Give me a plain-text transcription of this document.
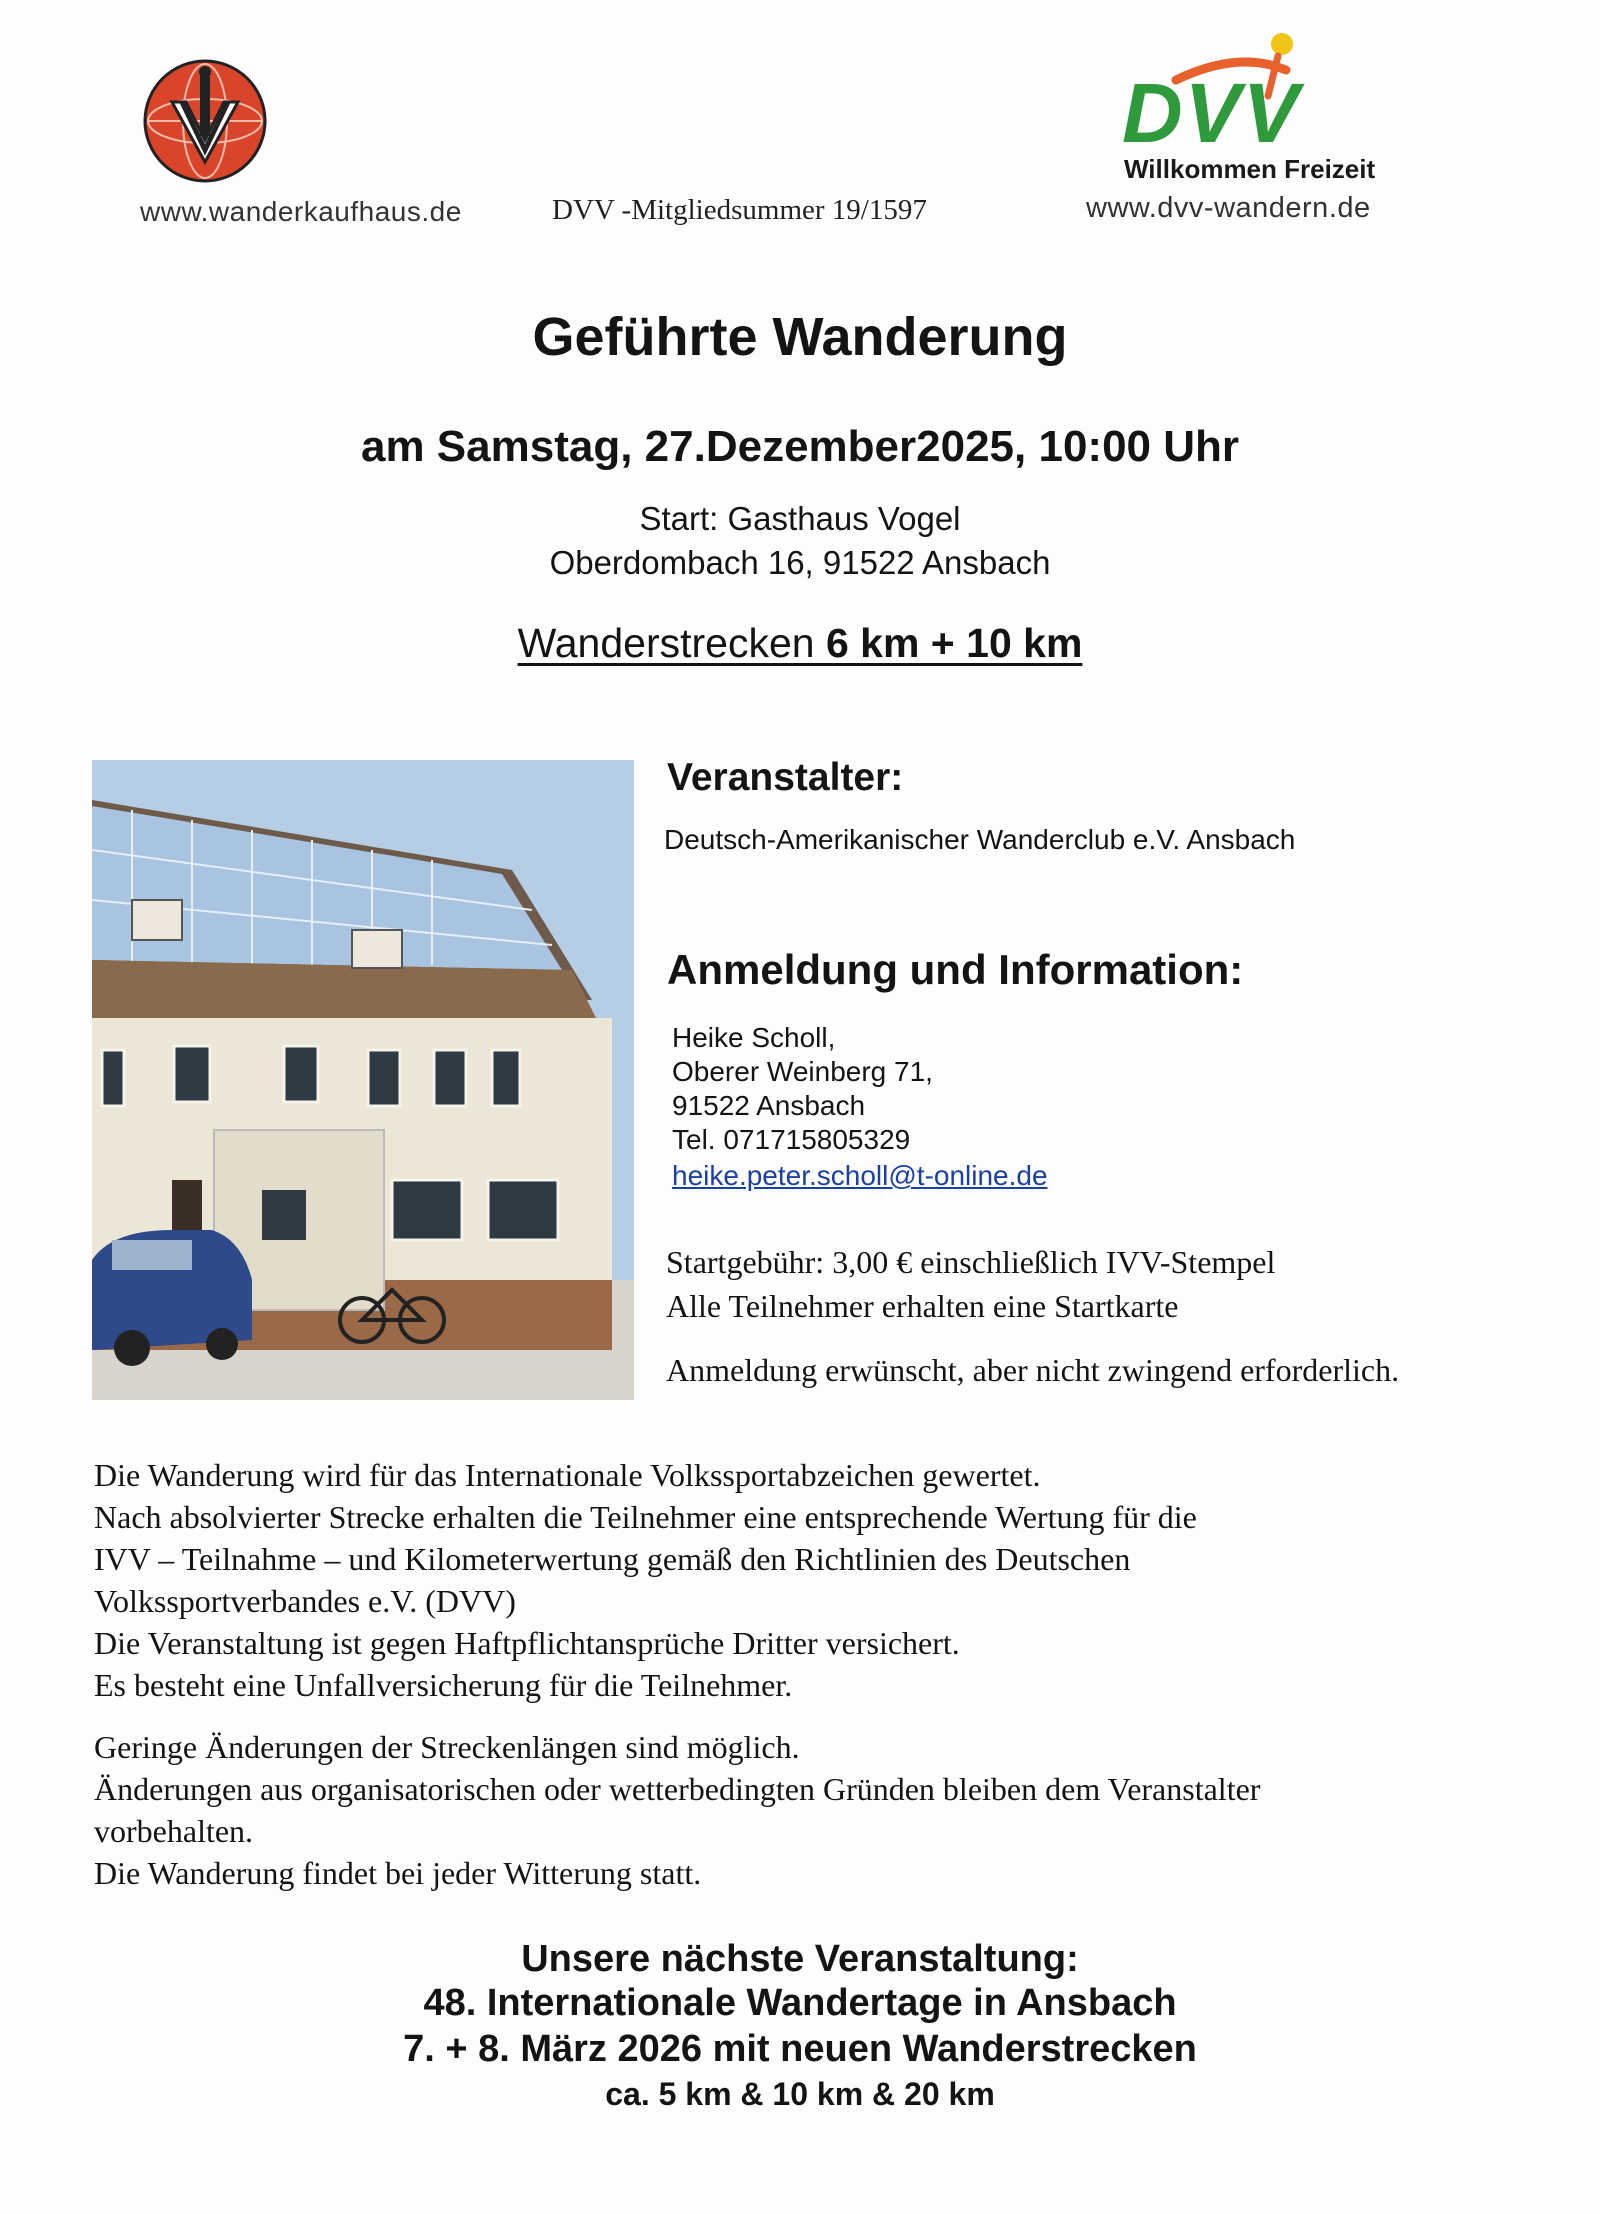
IVV
DVV
Willkommen Freizeit
www.wanderkaufhaus.de	DVV -Mitgliedsummer 19/1597	www.dvv-wandern.de
Geführte Wanderung
am Samstag, 27.Dezember2025, 10:00 Uhr
Start: Gasthaus Vogel
Oberdombach 16, 91522 Ansbach
Wanderstrecken 6 km + 10 km
Veranstalter:
Deutsch-Amerikanischer Wanderclub e.V. Ansbach
Anmeldung und Information:
Heike Scholl,
Oberer Weinberg 71,
91522 Ansbach
Tel. 071715805329
heike.peter.scholl@t-online.de
Startgebühr: 3,00 € einschließlich IVV-Stempel
Alle Teilnehmer erhalten eine Startkarte
Anmeldung erwünscht, aber nicht zwingend erforderlich.
Die Wanderung wird für das Internationale Volkssportabzeichen gewertet.
Nach absolvierter Strecke erhalten die Teilnehmer eine entsprechende Wertung für die
IVV – Teilnahme – und Kilometerwertung gemäß den Richtlinien des Deutschen
Volkssportverbandes e.V. (DVV)
Die Veranstaltung ist gegen Haftpflichtansprüche Dritter versichert.
Es besteht eine Unfallversicherung für die Teilnehmer.
Geringe Änderungen der Streckenlängen sind möglich.
Änderungen aus organisatorischen oder wetterbedingten Gründen bleiben dem Veranstalter
vorbehalten.
Die Wanderung findet bei jeder Witterung statt.
Unsere nächste Veranstaltung:
48. Internationale Wandertage in Ansbach
7. + 8. März 2026 mit neuen Wanderstrecken
ca. 5 km & 10 km & 20 km
